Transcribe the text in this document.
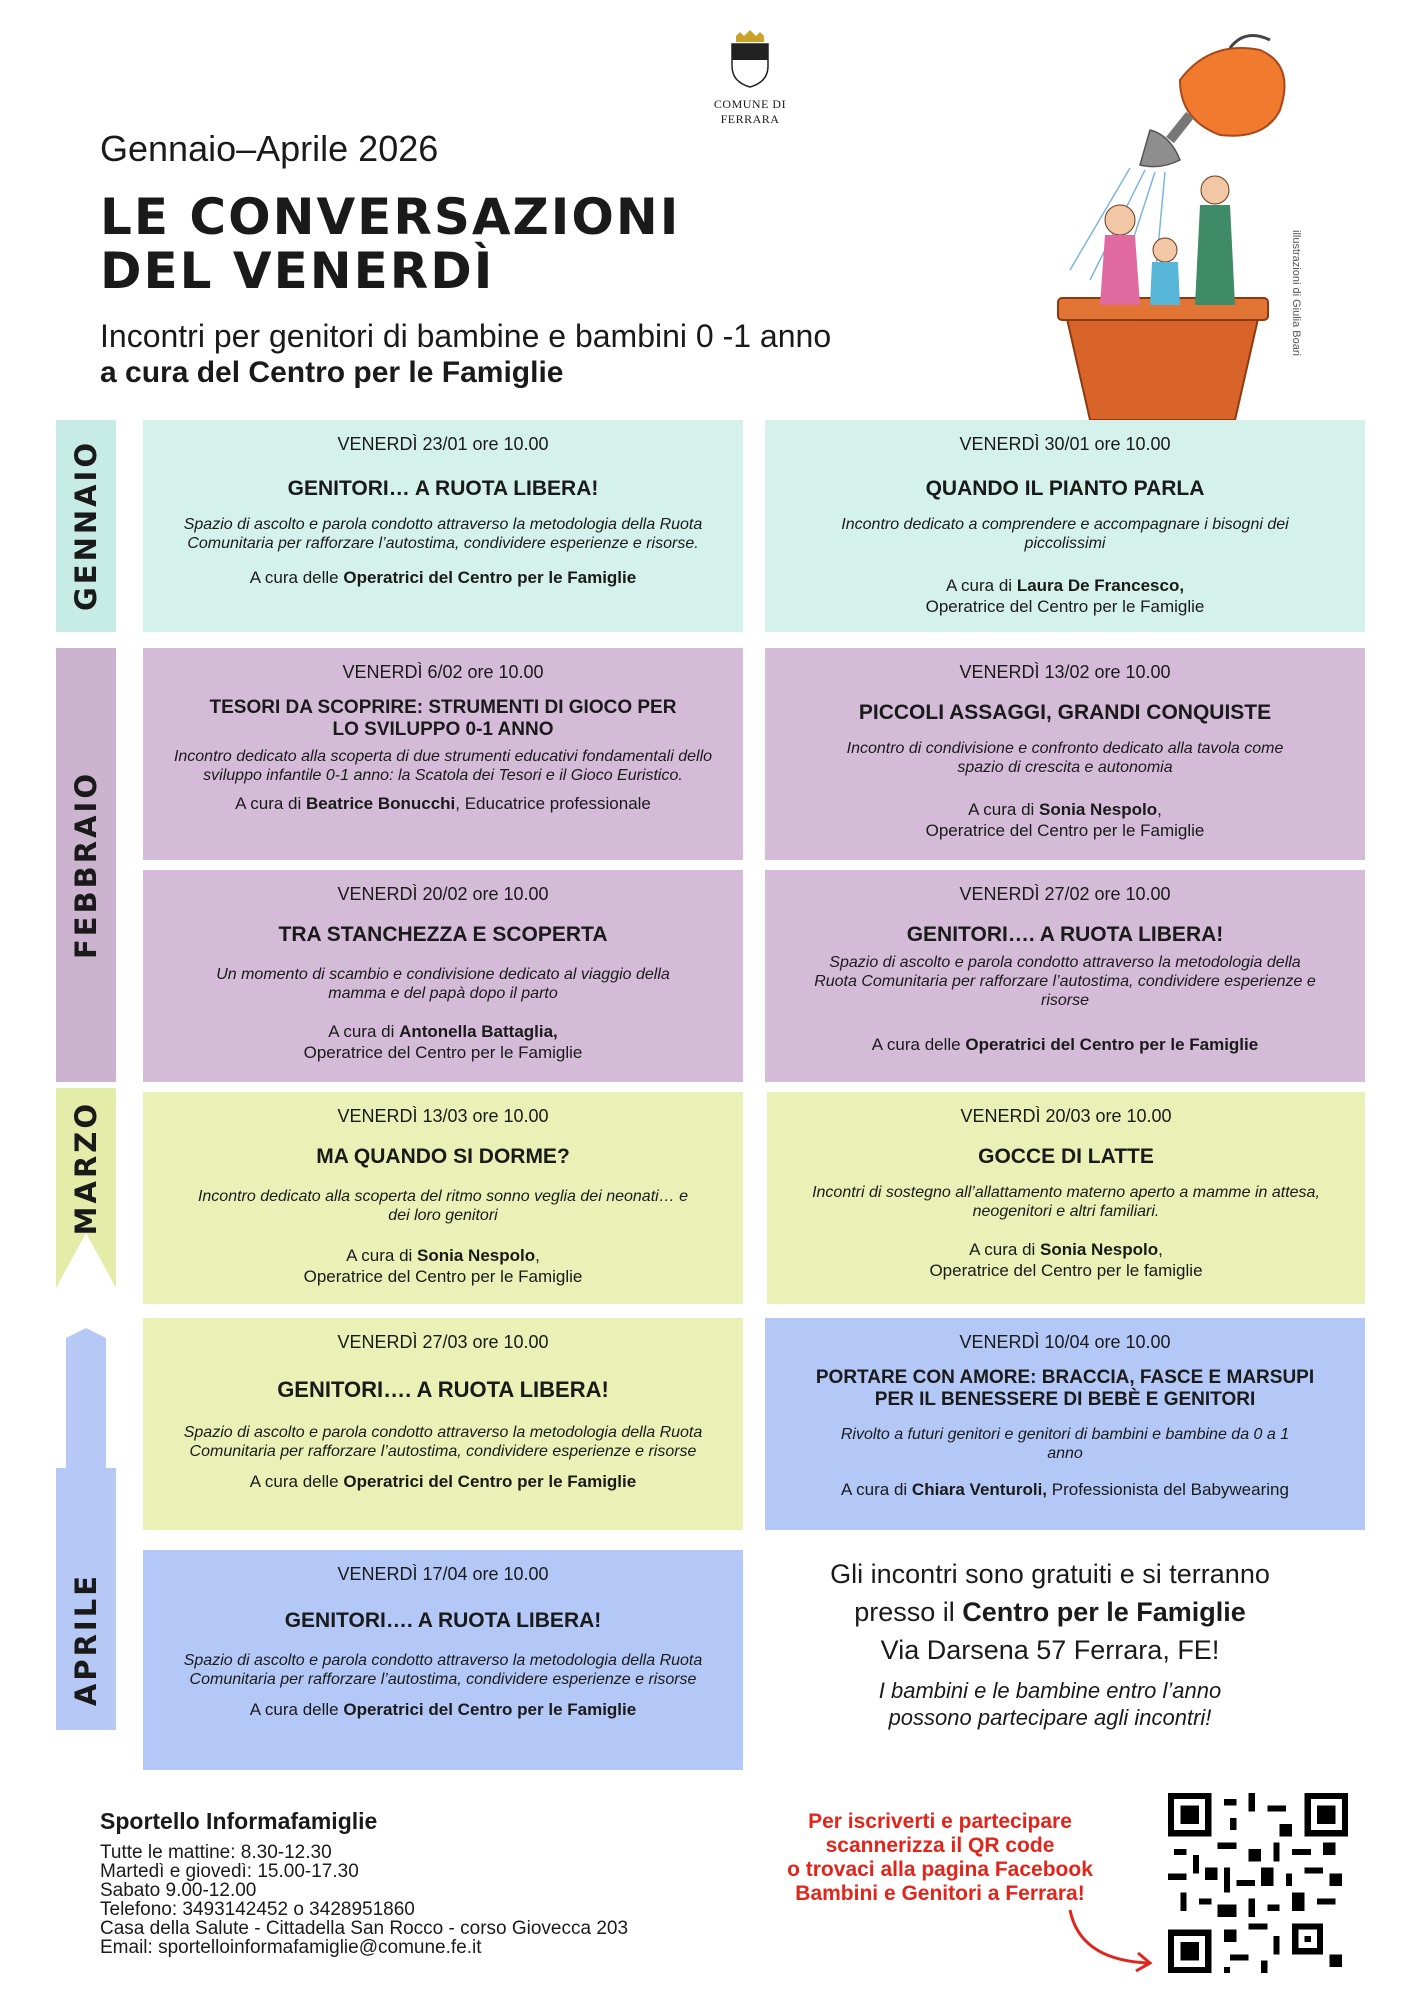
COMUNE DI FERRARA
Gennaio–Aprile 2026
LE CONVERSAZIONI
DEL VENERDÌ
Incontri per genitori di bambine e bambini 0 -1 anno
a cura del Centro per le Famiglie
illustrazioni di Giulia Boari
GENNAIO
FEBBRAIO
MARZO
APRILE
VENERDÌ 23/01 ore 10.00
GENITORI… A RUOTA LIBERA!
Spazio di ascolto e parola condotto attraverso la metodologia della Ruota Comunitaria per rafforzare l’autostima, condividere esperienze e risorse.
A cura delle Operatrici del Centro per le Famiglie
VENERDÌ 30/01 ore 10.00
QUANDO IL PIANTO PARLA
Incontro dedicato a comprendere e accompagnare i bisogni dei piccolissimi
A cura di Laura De Francesco,
Operatrice del Centro per le Famiglie
VENERDÌ 6/02 ore 10.00
TESORI DA SCOPRIRE: STRUMENTI DI GIOCO PER LO SVILUPPO 0-1 ANNO
Incontro dedicato alla scoperta di due strumenti educativi fondamentali dello sviluppo infantile 0-1 anno: la Scatola dei Tesori e il Gioco Euristico.
A cura di Beatrice Bonucchi, Educatrice professionale
VENERDÌ 13/02 ore 10.00
PICCOLI ASSAGGI, GRANDI CONQUISTE
Incontro di condivisione e confronto dedicato alla tavola come spazio di crescita e autonomia
A cura di Sonia Nespolo,
Operatrice del Centro per le Famiglie
VENERDÌ 20/02 ore 10.00
TRA STANCHEZZA E SCOPERTA
Un momento di scambio e condivisione dedicato al viaggio della mamma e del papà dopo il parto
A cura di Antonella Battaglia,
Operatrice del Centro per le Famiglie
VENERDÌ 27/02 ore 10.00
GENITORI…. A RUOTA LIBERA!
Spazio di ascolto e parola condotto attraverso la metodologia della Ruota Comunitaria per rafforzare l’autostima, condividere esperienze e risorse
A cura delle Operatrici del Centro per le Famiglie
VENERDÌ 13/03 ore 10.00
MA QUANDO SI DORME?
Incontro dedicato alla scoperta del ritmo sonno veglia dei neonati… e dei loro genitori
A cura di Sonia Nespolo,
Operatrice del Centro per le Famiglie
VENERDÌ 20/03 ore 10.00
GOCCE DI LATTE
Incontri di sostegno all’allattamento materno aperto a mamme in attesa, neogenitori e altri familiari.
A cura di Sonia Nespolo,
Operatrice del Centro per le famiglie
VENERDÌ 27/03 ore 10.00
GENITORI…. A RUOTA LIBERA!
Spazio di ascolto e parola condotto attraverso la metodologia della Ruota Comunitaria per rafforzare l’autostima, condividere esperienze e risorse
A cura delle Operatrici del Centro per le Famiglie
VENERDÌ 10/04 ore 10.00
PORTARE CON AMORE: BRACCIA, FASCE E MARSUPI PER IL BENESSERE DI BEBÈ E GENITORI
Rivolto a futuri genitori e genitori di bambini e bambine da 0 a 1 anno
A cura di Chiara Venturoli, Professionista del Babywearing
VENERDÌ 17/04 ore 10.00
GENITORI…. A RUOTA LIBERA!
Spazio di ascolto e parola condotto attraverso la metodologia della Ruota Comunitaria per rafforzare l’autostima, condividere esperienze e risorse
A cura delle Operatrici del Centro per le Famiglie
Gli incontri sono gratuiti e si terranno
presso il Centro per le Famiglie
Via Darsena 57 Ferrara, FE!
I bambini e le bambine entro l’anno
possono partecipare agli incontri!
Sportello Informafamiglie
Tutte le mattine: 8.30-12.30
Martedì e giovedì: 15.00-17.30
Sabato 9.00-12.00
Telefono: 3493142452 o 3428951860
Casa della Salute - Cittadella San Rocco - corso Giovecca 203
Email: sportelloinformafamiglie@comune.fe.it
Per iscriverti e partecipare
scannerizza il QR code
o trovaci alla pagina Facebook
Bambini e Genitori a Ferrara!
